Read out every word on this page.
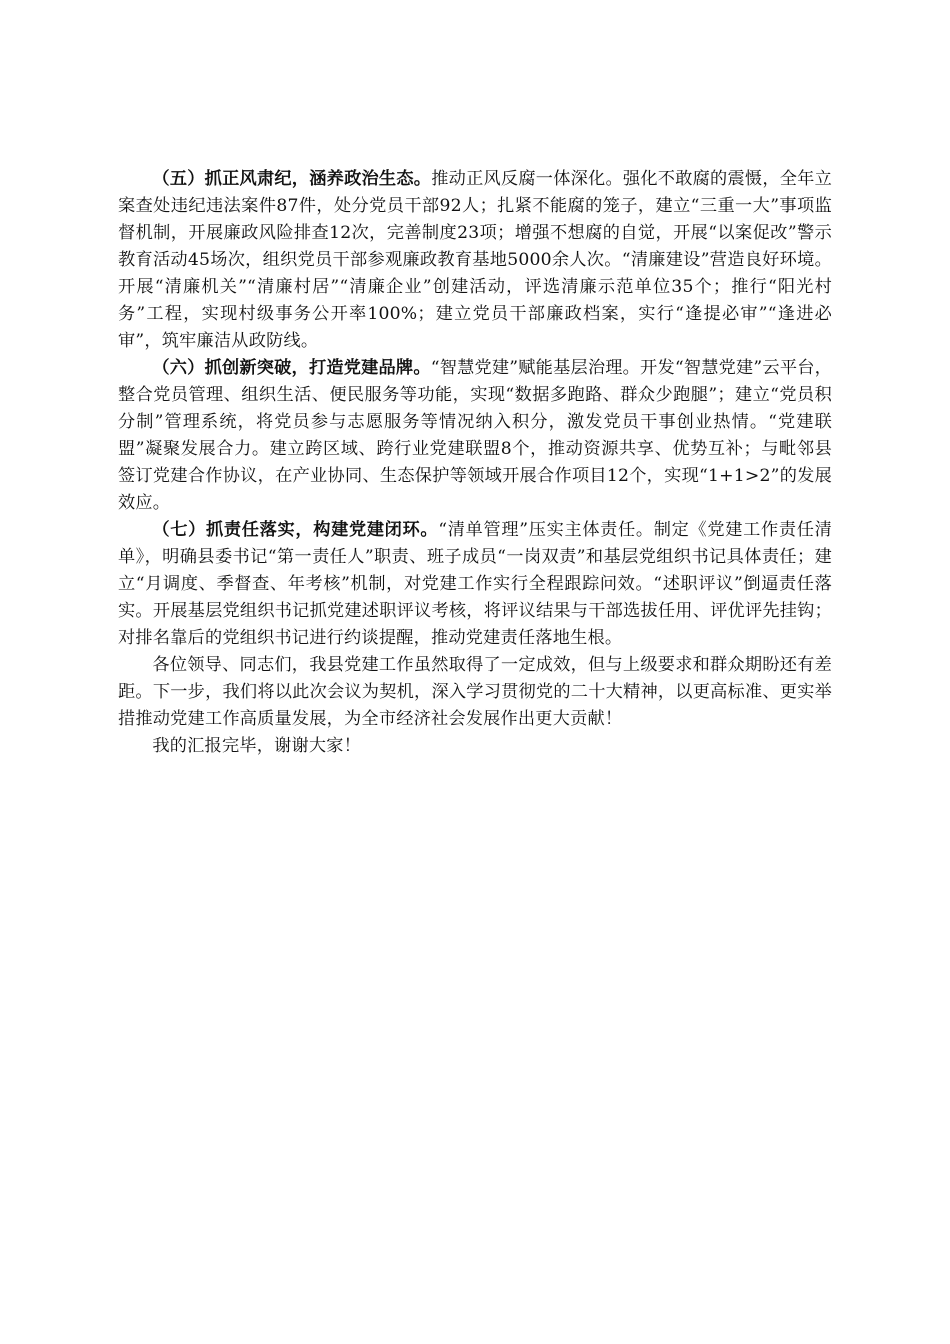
（五）抓正风肃纪，涵养政治生态。推动正风反腐一体深化。强化不敢腐的震慑，全年立案查处违纪违法案件87件，处分党员干部92人；扎紧不能腐的笼子，建立“三重一大”事项监督机制，开展廉政风险排查12次，完善制度23项；增强不想腐的自觉，开展“以案促改”警示教育活动45场次，组织党员干部参观廉政教育基地5000余人次。“清廉建设”营造良好环境。开展“清廉机关”“清廉村居”“清廉企业”创建活动，评选清廉示范单位35个；推行“阳光村务”工程，实现村级事务公开率100%；建立党员干部廉政档案，实行“逢提必审”“逢进必审”，筑牢廉洁从政防线。

（六）抓创新突破，打造党建品牌。“智慧党建”赋能基层治理。开发“智慧党建”云平台，整合党员管理、组织生活、便民服务等功能，实现“数据多跑路、群众少跑腿”；建立“党员积分制”管理系统，将党员参与志愿服务等情况纳入积分，激发党员干事创业热情。“党建联盟”凝聚发展合力。建立跨区域、跨行业党建联盟8个，推动资源共享、优势互补；与毗邻县签订党建合作协议，在产业协同、生态保护等领域开展合作项目12个，实现“1+1>2”的发展效应。

（七）抓责任落实，构建党建闭环。“清单管理”压实主体责任。制定《党建工作责任清单》，明确县委书记“第一责任人”职责、班子成员“一岗双责”和基层党组织书记具体责任；建立“月调度、季督查、年考核”机制，对党建工作实行全程跟踪问效。“述职评议”倒逼责任落实。开展基层党组织书记抓党建述职评议考核，将评议结果与干部选拔任用、评优评先挂钩；对排名靠后的党组织书记进行约谈提醒，推动党建责任落地生根。

各位领导、同志们，我县党建工作虽然取得了一定成效，但与上级要求和群众期盼还有差距。下一步，我们将以此次会议为契机，深入学习贯彻党的二十大精神，以更高标准、更实举措推动党建工作高质量发展，为全市经济社会发展作出更大贡献！

我的汇报完毕，谢谢大家！
